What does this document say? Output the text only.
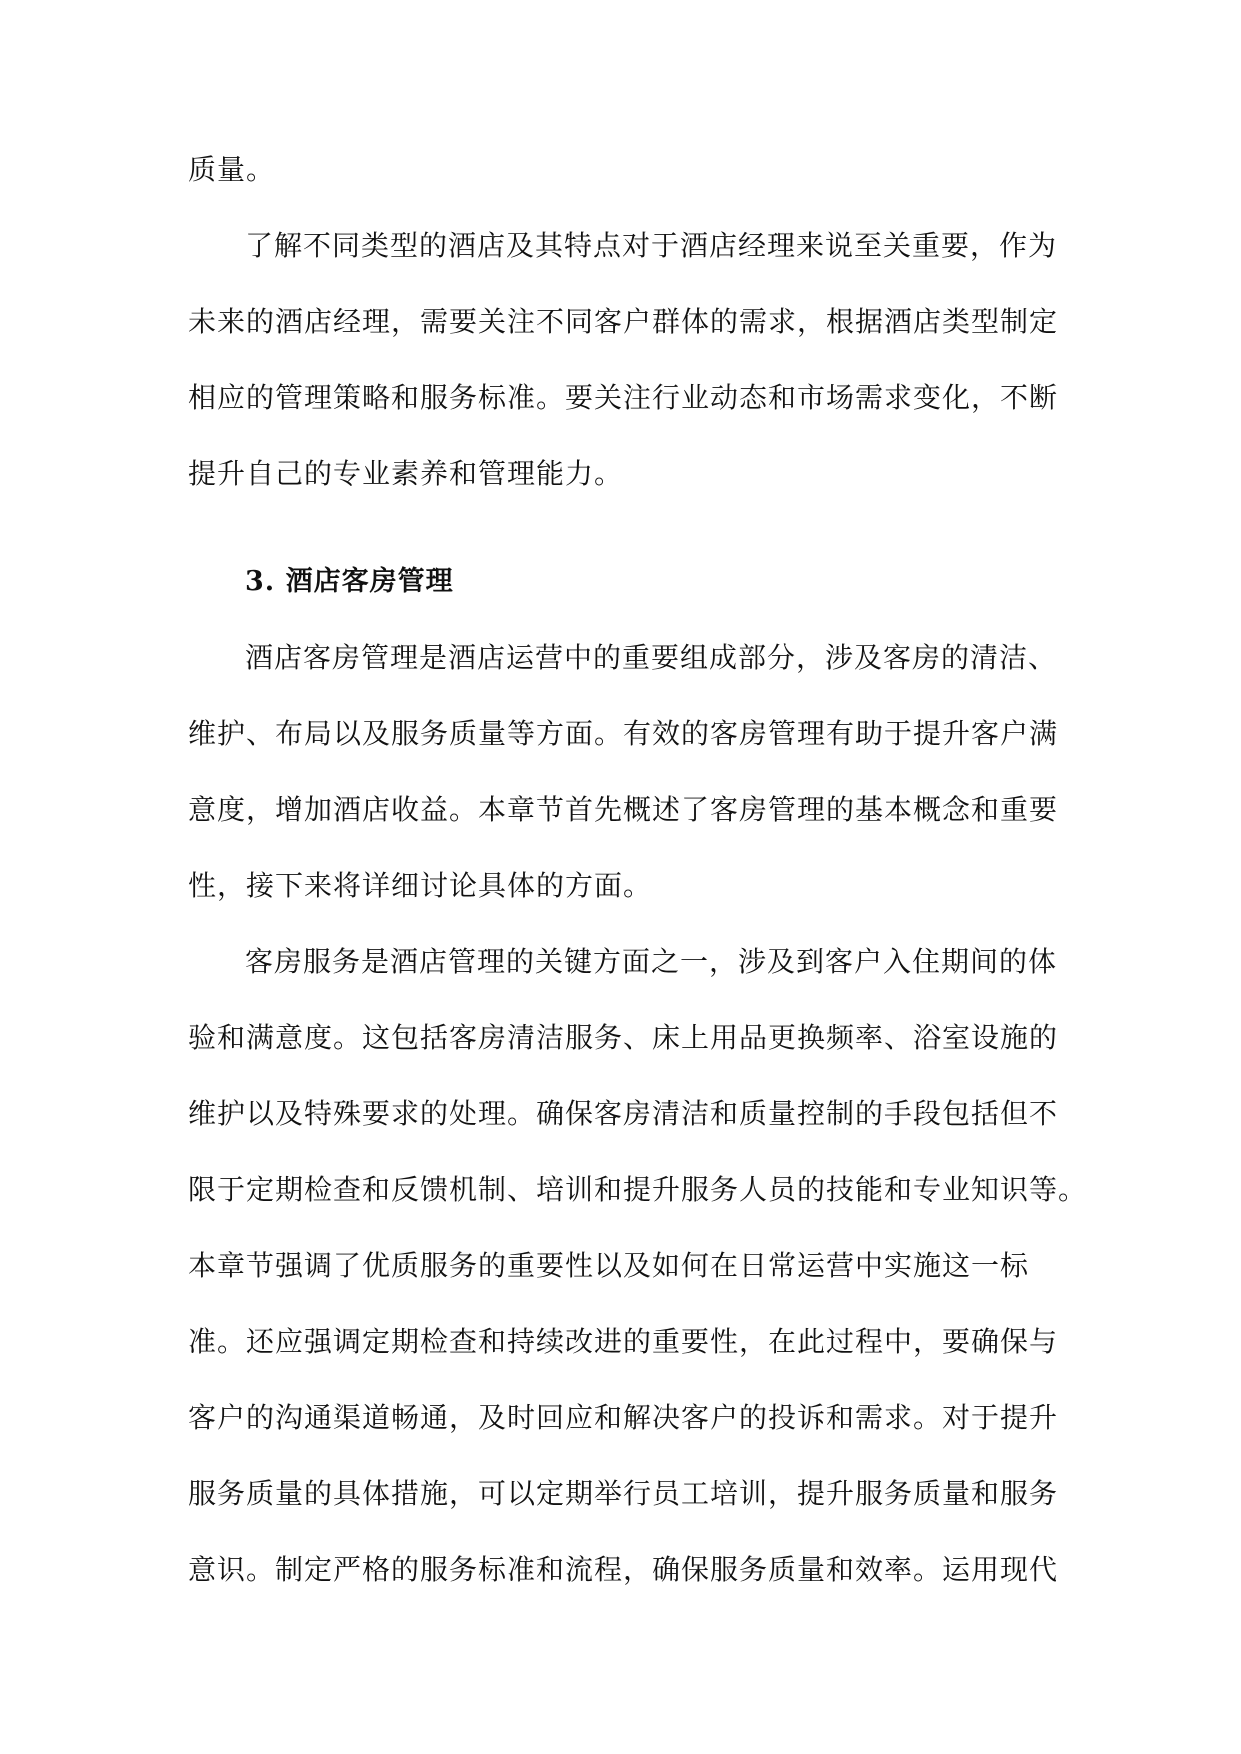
质量。
了解不同类型的酒店及其特点对于酒店经理来说至关重要，作为
未来的酒店经理，需要关注不同客户群体的需求，根据酒店类型制定
相应的管理策略和服务标准。要关注行业动态和市场需求变化，不断
提升自己的专业素养和管理能力。
3. 酒店客房管理
酒店客房管理是酒店运营中的重要组成部分，涉及客房的清洁、
维护、布局以及服务质量等方面。有效的客房管理有助于提升客户满
意度，增加酒店收益。本章节首先概述了客房管理的基本概念和重要
性，接下来将详细讨论具体的方面。
客房服务是酒店管理的关键方面之一，涉及到客户入住期间的体
验和满意度。这包括客房清洁服务、床上用品更换频率、浴室设施的
维护以及特殊要求的处理。确保客房清洁和质量控制的手段包括但不
限于定期检查和反馈机制、培训和提升服务人员的技能和专业知识等。
本章节强调了优质服务的重要性以及如何在日常运营中实施这一标
准。还应强调定期检查和持续改进的重要性，在此过程中，要确保与
客户的沟通渠道畅通，及时回应和解决客户的投诉和需求。对于提升
服务质量的具体措施，可以定期举行员工培训，提升服务质量和服务
意识。制定严格的服务标准和流程，确保服务质量和效率。运用现代
